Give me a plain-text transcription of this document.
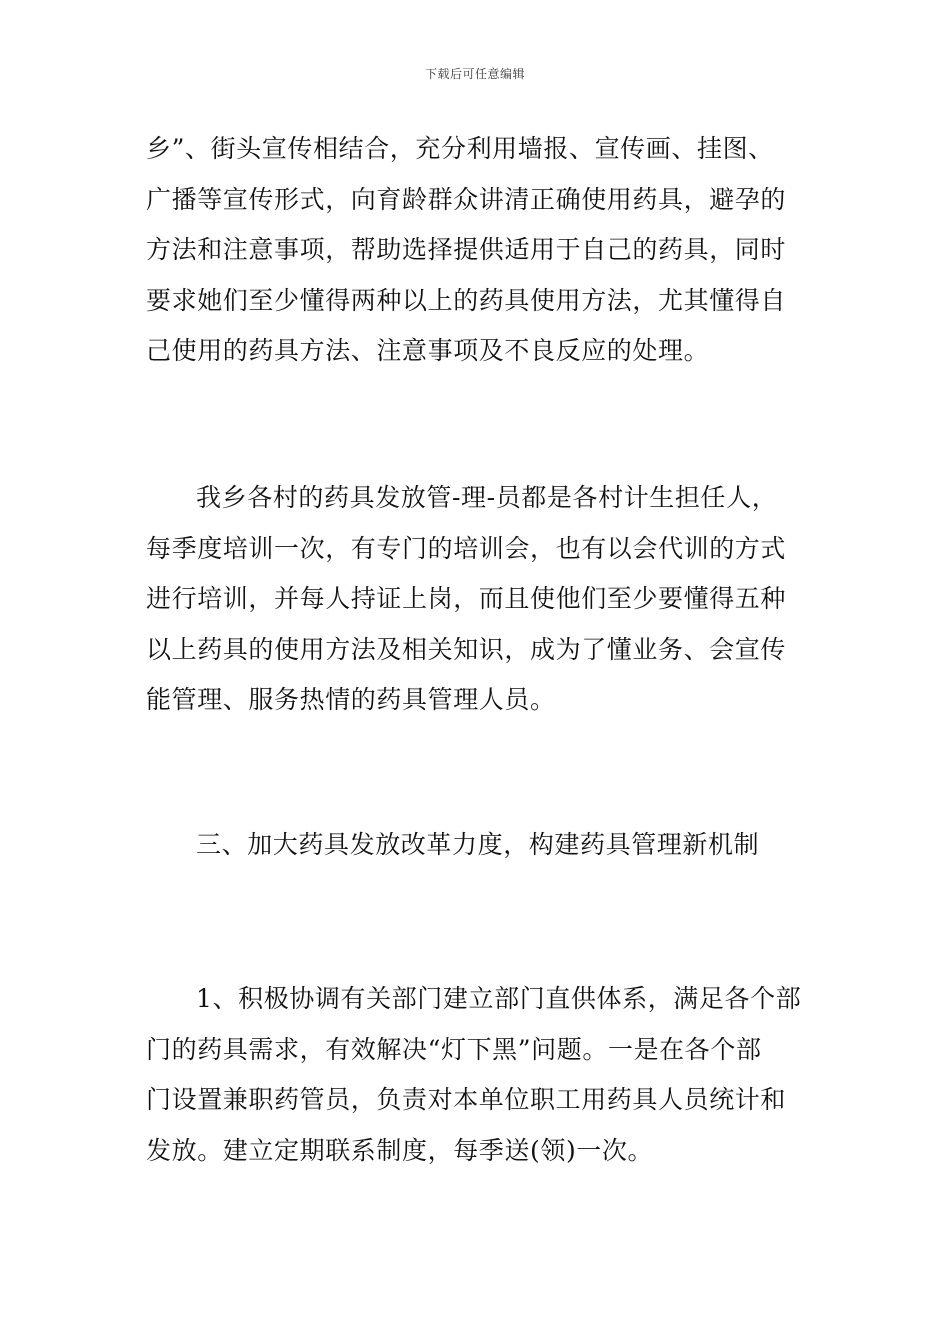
下载后可任意编辑
乡”、街头宣传相结合，充分利用墙报、宣传画、挂图、
广播等宣传形式，向育龄群众讲清正确使用药具，避孕的
方法和注意事项，帮助选择提供适用于自己的药具，同时
要求她们至少懂得两种以上的药具使用方法，尤其懂得自
己使用的药具方法、注意事项及不良反应的处理。
我乡各村的药具发放管-理-员都是各村计生担任人，
每季度培训一次，有专门的培训会，也有以会代训的方式
进行培训，并每人持证上岗，而且使他们至少要懂得五种
以上药具的使用方法及相关知识，成为了懂业务、会宣传
能管理、服务热情的药具管理人员。
三、加大药具发放改革力度，构建药具管理新机制
1、积极协调有关部门建立部门直供体系，满足各个部
门的药具需求，有效解决“灯下黑”问题。一是在各个部
门设置兼职药管员，负责对本单位职工用药具人员统计和
发放。建立定期联系制度，每季送(领)一次。
